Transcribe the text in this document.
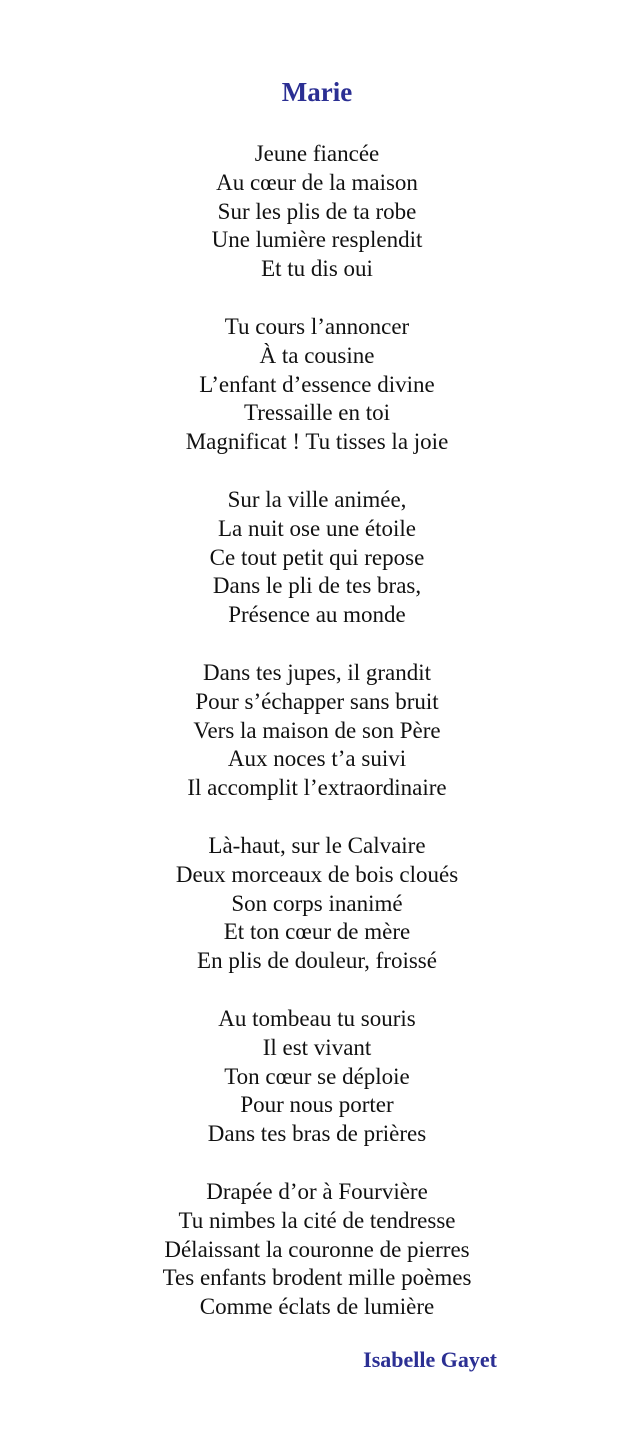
Marie
Jeune fiancée
Au cœur de la maison
Sur les plis de ta robe
Une lumière resplendit
Et tu dis oui
Tu cours l’annoncer
À ta cousine
L’enfant d’essence divine
Tressaille en toi
Magnificat ! Tu tisses la joie
Sur la ville animée,
La nuit ose une étoile
Ce tout petit qui repose
Dans le pli de tes bras,
Présence au monde
Dans tes jupes, il grandit
Pour s’échapper sans bruit
Vers la maison de son Père
Aux noces t’a suivi
Il accomplit l’extraordinaire
Là-haut, sur le Calvaire
Deux morceaux de bois cloués
Son corps inanimé
Et ton cœur de mère
En plis de douleur, froissé
Au tombeau tu souris
Il est vivant
Ton cœur se déploie
Pour nous porter
Dans tes bras de prières
Drapée d’or à Fourvière
Tu nimbes la cité de tendresse
Délaissant la couronne de pierres
Tes enfants brodent mille poèmes
Comme éclats de lumière
Isabelle Gayet
